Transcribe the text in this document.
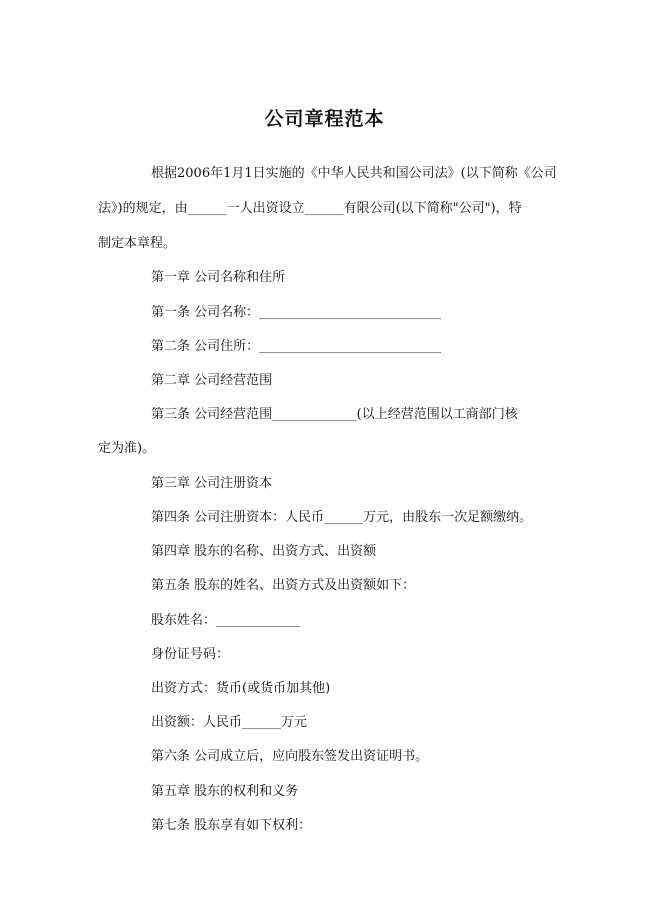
公司章程范本
根据2006年1月1日实施的《中华人民共和国公司法》(以下简称《公司
法》)的规定，由______一人出资设立______有限公司(以下简称"公司")，特
制定本章程。
第一章 公司名称和住所
第一条 公司名称：____________________________
第二条 公司住所：____________________________
第二章 公司经营范围
第三条 公司经营范围_____________(以上经营范围以工商部门核
定为准)。
第三章 公司注册资本
第四条 公司注册资本：人民币______万元，由股东一次足额缴纳。
第四章 股东的名称、出资方式、出资额
第五条 股东的姓名、出资方式及出资额如下：
股东姓名：_____________
身份证号码：
出资方式：货币(或货币加其他)
出资额：人民币______万元
第六条 公司成立后，应向股东签发出资证明书。
第五章 股东的权利和义务
第七条 股东享有如下权利：
